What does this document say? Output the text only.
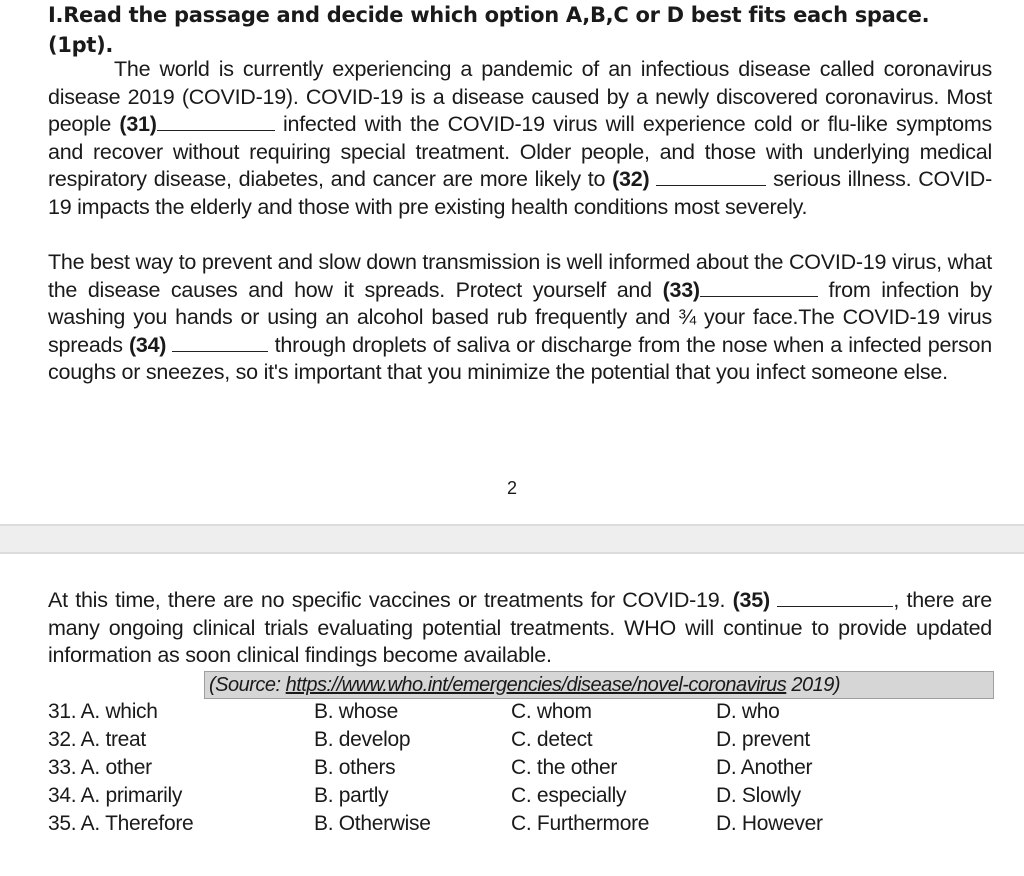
I.Read the passage and decide which option A,B,C or D best fits each space.
(1pt).
The world is currently experiencing a pandemic of an infectious disease called coronavirus disease 2019 (COVID-19). COVID-19 is a disease caused by a newly discovered coronavirus. Most people (31)	infected with the COVID-19 virus will experience cold or flu-like symptoms and recover without requiring special treatment. Older people, and those with underlying medical respiratory disease, diabetes, and cancer are more likely to (32)	serious illness. COVID-19 impacts the elderly and those with pre existing health conditions most severely.
The best way to prevent and slow down transmission is well informed about the COVID-19 virus, what the disease causes and how it spreads. Protect yourself and (33)	from infection by washing you hands or using an alcohol based rub frequently and ¾ your face.The COVID-19 virus spreads (34)	through droplets of saliva or discharge from the nose when a infected person coughs or sneezes, so it's important that you minimize the potential that you infect someone else.
2
At this time, there are no specific vaccines or treatments for COVID-19. (35)	, there are many ongoing clinical trials evaluating potential treatments. WHO will continue to provide updated information as soon clinical findings become available.
(Source: https://www.who.int/emergencies/disease/novel-coronavirus 2019)
31. A. which	B. whose	C. whom	D. who
32. A. treat	B. develop	C. detect	D. prevent
33. A. other	B. others	C. the other	D. Another
34. A. primarily	B. partly	C. especially	D. Slowly
35. A. Therefore	B. Otherwise	C. Furthermore	D. However
